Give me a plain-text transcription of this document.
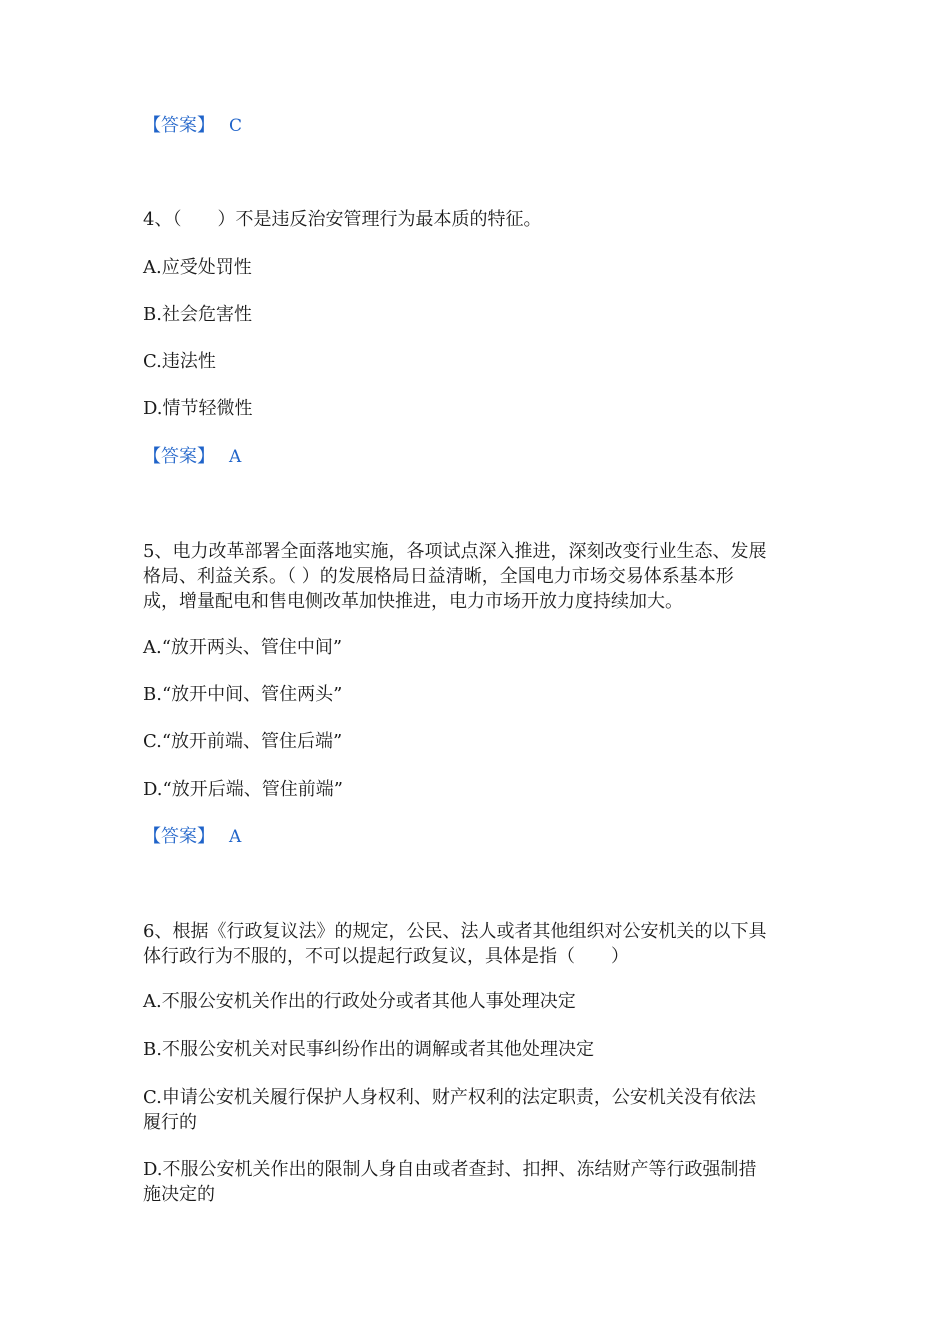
【答案】 C
4、（　　）不是违反治安管理行为最本质的特征。
A.应受处罚性
B.社会危害性
C.违法性
D.情节轻微性
【答案】 A
5、电力改革部署全面落地实施，各项试点深入推进，深刻改变行业生态、发展
格局、利益关系。（ ）的发展格局日益清晰，全国电力市场交易体系基本形
成，增量配电和售电侧改革加快推进，电力市场开放力度持续加大。
A.“放开两头、管住中间”
B.“放开中间、管住两头”
C.“放开前端、管住后端”
D.“放开后端、管住前端”
【答案】 A
6、根据《行政复议法》的规定，公民、法人或者其他组织对公安机关的以下具
体行政行为不服的，不可以提起行政复议，具体是指（　　）
A.不服公安机关作出的行政处分或者其他人事处理决定
B.不服公安机关对民事纠纷作出的调解或者其他处理决定
C.申请公安机关履行保护人身权利、财产权利的法定职责，公安机关没有依法
履行的
D.不服公安机关作出的限制人身自由或者查封、扣押、冻结财产等行政强制措
施决定的
